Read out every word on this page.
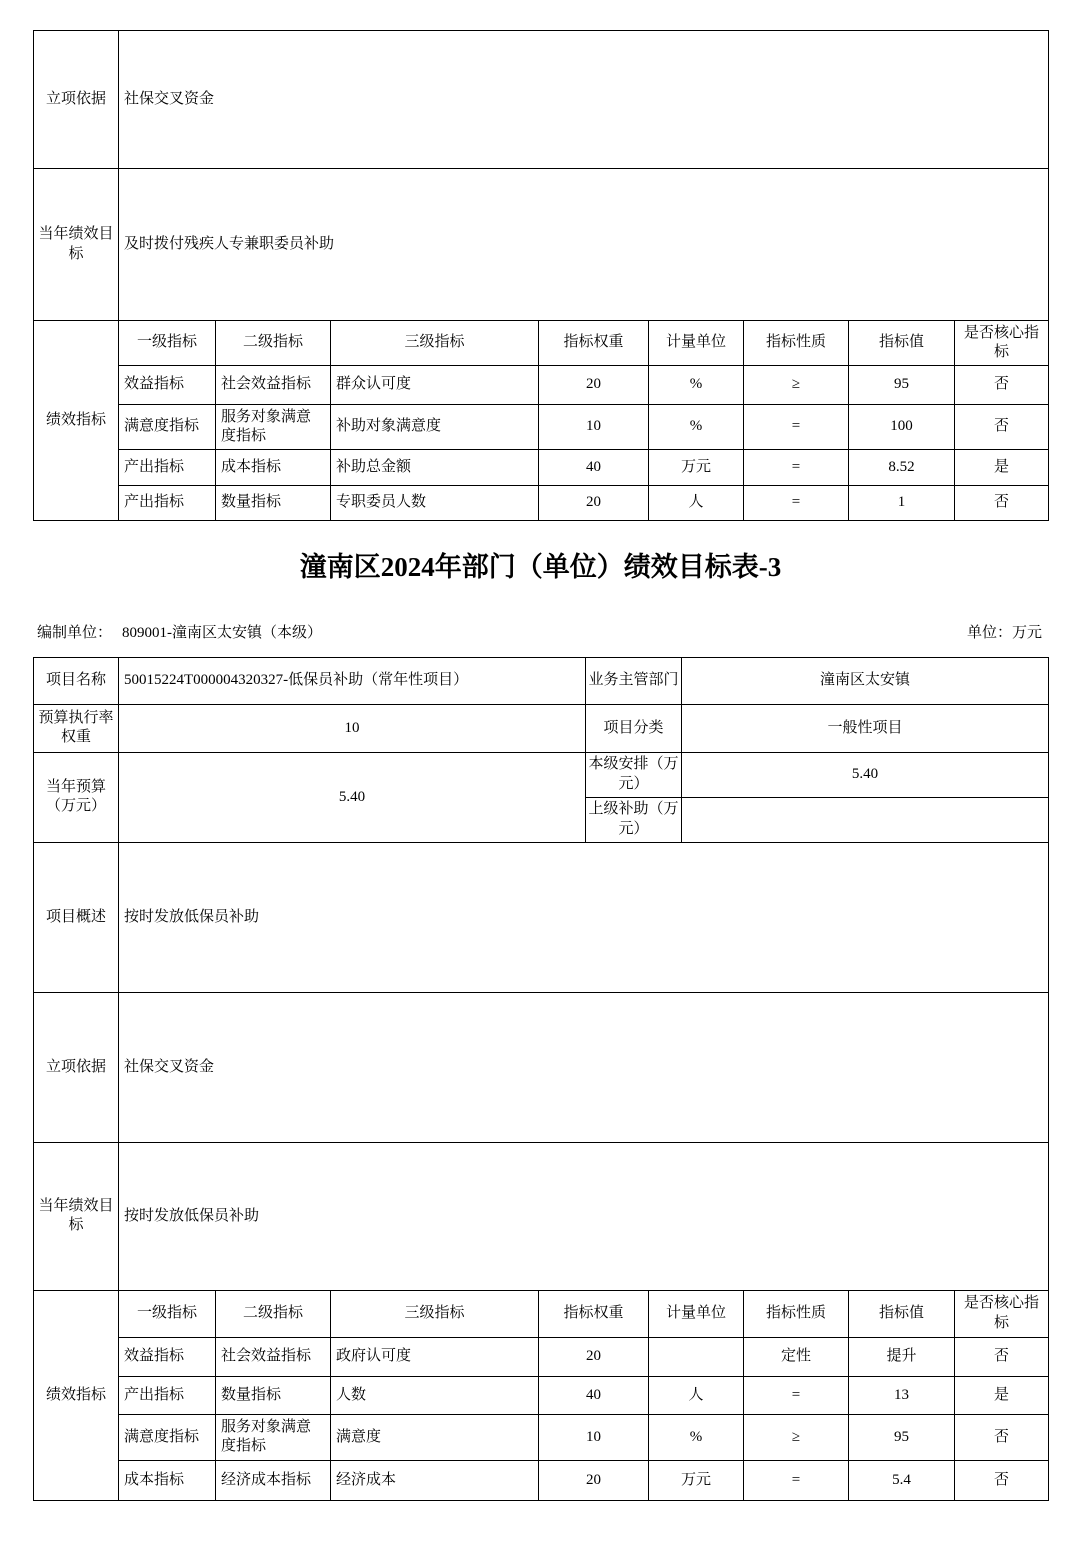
立项依据	社保交叉资金
当年绩效目标	及时拨付残疾人专兼职委员补助
绩效指标	一级指标	二级指标	三级指标	指标权重	计量单位	指标性质	指标值	是否核心指标
	效益指标	社会效益指标	群众认可度	20	%	≥	95	否
	满意度指标	服务对象满意度指标	补助对象满意度	10	%	=	100	否
	产出指标	成本指标	补助总金额	40	万元	=	8.52	是
	产出指标	数量指标	专职委员人数	20	人	=	1	否
潼南区2024年部门（单位）绩效目标表-3
编制单位： 809001-潼南区太安镇（本级）	单位：万元
项目名称	50015224T000004320327-低保员补助（常年性项目）	业务主管部门	潼南区太安镇
预算执行率权重	10	项目分类	一般性项目
当年预算（万元）	5.40	本级安排（万元）	5.40
		上级补助（万元）	
项目概述	按时发放低保员补助		
立项依据	社保交叉资金		
当年绩效目标	按时发放低保员补助		
绩效指标	一级指标	二级指标	三级指标	指标权重	计量单位	指标性质	指标值	是否核心指标
	效益指标	社会效益指标	政府认可度	20		定性	提升	否
	产出指标	数量指标	人数	40	人	=	13	是
	满意度指标	服务对象满意度指标	满意度	10	%	≥	95	否
	成本指标	经济成本指标	经济成本	20	万元	=	5.4	否
